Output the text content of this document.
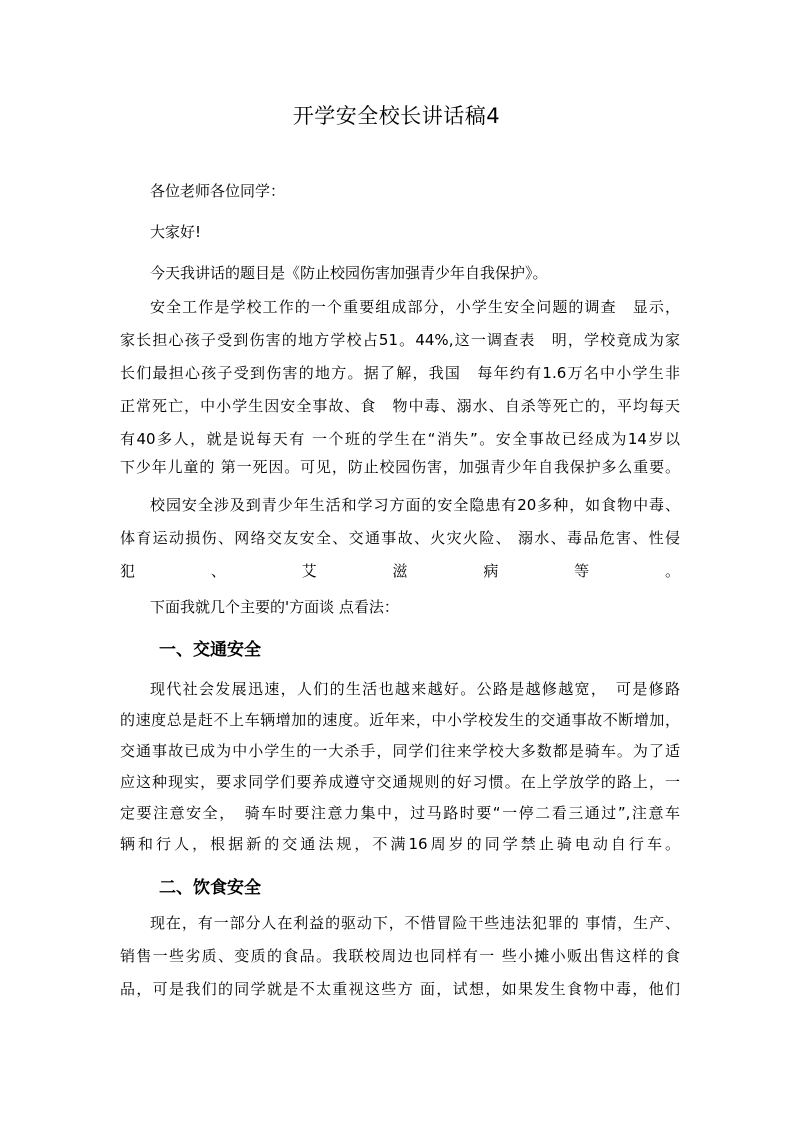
开学安全校长讲话稿4
各位老师各位同学：
大家好!
今天我讲话的题目是《防止校园伤害加强青少年自我保护》。
安全工作是学校工作的一个重要组成部分，小学生安全问题的调查　显示，
家长担心孩子受到伤害的地方学校占51。44%,这一调查表　明，学校竟成为家
长们最担心孩子受到伤害的地方。据了解，我国　每年约有1.6万名中小学生非
正常死亡，中小学生因安全事故、食　物中毒、溺水、自杀等死亡的，平均每天
有40多人，就是说每天有 一个班的学生在“消失”。安全事故已经成为14岁以
下少年儿童的 第一死因。可见，防止校园伤害，加强青少年自我保护多么重要。
校园安全涉及到青少年生活和学习方面的安全隐患有20多种，如食物中毒、
体育运动损伤、网络交友安全、交通事故、火灾火险、 溺水、毒品危害、性侵
犯、艾滋病等。
下面我就几个主要的'方面谈 点看法：
一、交通安全
现代社会发展迅速，人们的生活也越来越好。公路是越修越宽，　可是修路
的速度总是赶不上车辆增加的速度。近年来，中小学校发生的交通事故不断增加，
交通事故已成为中小学生的一大杀手，同学们往来学校大多数都是骑车。为了适
应这种现实，要求同学们要养成遵守交通规则的好习惯。在上学放学的路上，一
定要注意安全，　骑车时要注意力集中，过马路时要“一停二看三通过”,注意车
辆和行人，根据新的交通法规，不满16周岁的同学禁止骑电动自行车。
二、饮食安全
现在，有一部分人在利益的驱动下，不惜冒险干些违法犯罪的 事情，生产、
销售一些劣质、变质的食品。我联校周边也同样有一 些小摊小贩出售这样的食
品，可是我们的同学就是不太重视这些方 面，试想，如果发生食物中毒，他们
